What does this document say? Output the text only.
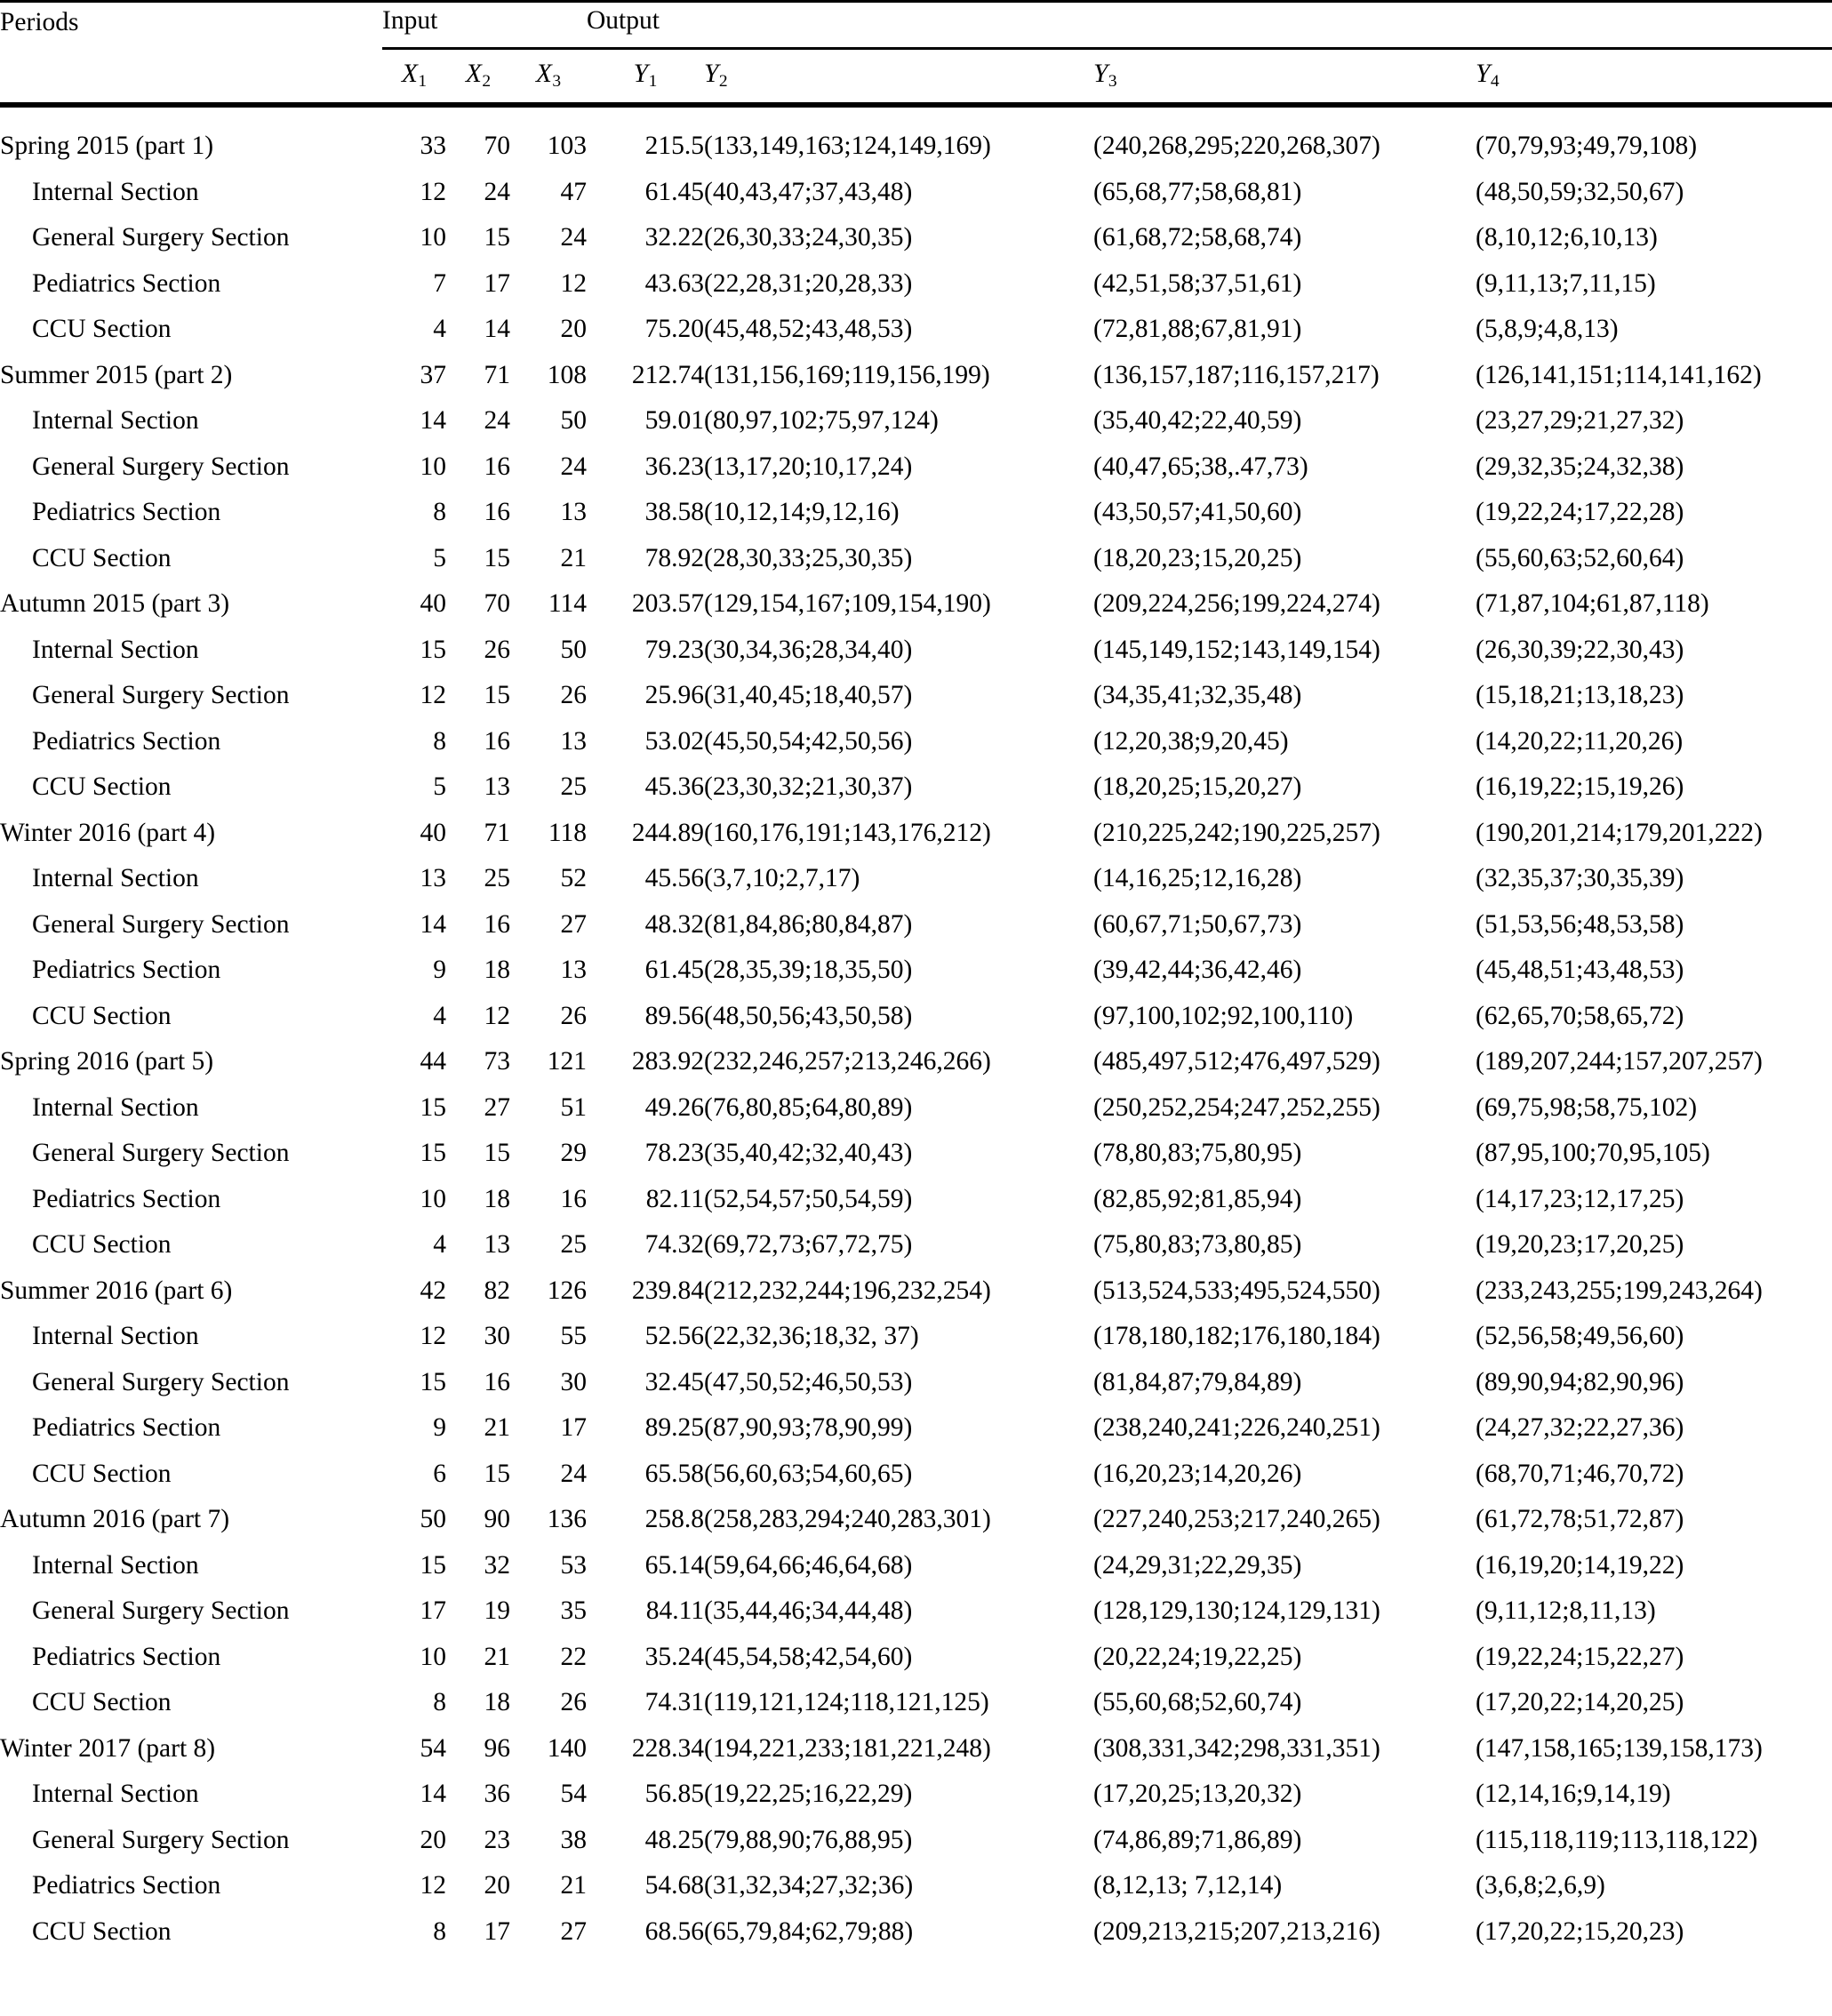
Periods	Input			Output			
	$X_1$	$X_2$	$X_3$	$Y_1$	$Y_2$	$Y_3$	$Y_4$

Spring 2015 (part 1)	33	70	103	215.5	(133,149,163;124,149,169)	(240,268,295;220,268,307)	(70,79,93;49,79,108)
Internal Section	12	24	47	61.45	(40,43,47;37,43,48)	(65,68,77;58,68,81)	(48,50,59;32,50,67)
General Surgery Section	10	15	24	32.22	(26,30,33;24,30,35)	(61,68,72;58,68,74)	(8,10,12;6,10,13)
Pediatrics Section	7	17	12	43.63	(22,28,31;20,28,33)	(42,51,58;37,51,61)	(9,11,13;7,11,15)
CCU Section	4	14	20	75.20	(45,48,52;43,48,53)	(72,81,88;67,81,91)	(5,8,9;4,8,13)
Summer 2015 (part 2)	37	71	108	212.74	(131,156,169;119,156,199)	(136,157,187;116,157,217)	(126,141,151;114,141,162)
Internal Section	14	24	50	59.01	(80,97,102;75,97,124)	(35,40,42;22,40,59)	(23,27,29;21,27,32)
General Surgery Section	10	16	24	36.23	(13,17,20;10,17,24)	(40,47,65;38,.47,73)	(29,32,35;24,32,38)
Pediatrics Section	8	16	13	38.58	(10,12,14;9,12,16)	(43,50,57;41,50,60)	(19,22,24;17,22,28)
CCU Section	5	15	21	78.92	(28,30,33;25,30,35)	(18,20,23;15,20,25)	(55,60,63;52,60,64)
Autumn 2015 (part 3)	40	70	114	203.57	(129,154,167;109,154,190)	(209,224,256;199,224,274)	(71,87,104;61,87,118)
Internal Section	15	26	50	79.23	(30,34,36;28,34,40)	(145,149,152;143,149,154)	(26,30,39;22,30,43)
General Surgery Section	12	15	26	25.96	(31,40,45;18,40,57)	(34,35,41;32,35,48)	(15,18,21;13,18,23)
Pediatrics Section	8	16	13	53.02	(45,50,54;42,50,56)	(12,20,38;9,20,45)	(14,20,22;11,20,26)
CCU Section	5	13	25	45.36	(23,30,32;21,30,37)	(18,20,25;15,20,27)	(16,19,22;15,19,26)
Winter 2016 (part 4)	40	71	118	244.89	(160,176,191;143,176,212)	(210,225,242;190,225,257)	(190,201,214;179,201,222)
Internal Section	13	25	52	45.56	(3,7,10;2,7,17)	(14,16,25;12,16,28)	(32,35,37;30,35,39)
General Surgery Section	14	16	27	48.32	(81,84,86;80,84,87)	(60,67,71;50,67,73)	(51,53,56;48,53,58)
Pediatrics Section	9	18	13	61.45	(28,35,39;18,35,50)	(39,42,44;36,42,46)	(45,48,51;43,48,53)
CCU Section	4	12	26	89.56	(48,50,56;43,50,58)	(97,100,102;92,100,110)	(62,65,70;58,65,72)
Spring 2016 (part 5)	44	73	121	283.92	(232,246,257;213,246,266)	(485,497,512;476,497,529)	(189,207,244;157,207,257)
Internal Section	15	27	51	49.26	(76,80,85;64,80,89)	(250,252,254;247,252,255)	(69,75,98;58,75,102)
General Surgery Section	15	15	29	78.23	(35,40,42;32,40,43)	(78,80,83;75,80,95)	(87,95,100;70,95,105)
Pediatrics Section	10	18	16	82.11	(52,54,57;50,54,59)	(82,85,92;81,85,94)	(14,17,23;12,17,25)
CCU Section	4	13	25	74.32	(69,72,73;67,72,75)	(75,80,83;73,80,85)	(19,20,23;17,20,25)
Summer 2016 (part 6)	42	82	126	239.84	(212,232,244;196,232,254)	(513,524,533;495,524,550)	(233,243,255;199,243,264)
Internal Section	12	30	55	52.56	(22,32,36;18,32, 37)	(178,180,182;176,180,184)	(52,56,58;49,56,60)
General Surgery Section	15	16	30	32.45	(47,50,52;46,50,53)	(81,84,87;79,84,89)	(89,90,94;82,90,96)
Pediatrics Section	9	21	17	89.25	(87,90,93;78,90,99)	(238,240,241;226,240,251)	(24,27,32;22,27,36)
CCU Section	6	15	24	65.58	(56,60,63;54,60,65)	(16,20,23;14,20,26)	(68,70,71;46,70,72)
Autumn 2016 (part 7)	50	90	136	258.8	(258,283,294;240,283,301)	(227,240,253;217,240,265)	(61,72,78;51,72,87)
Internal Section	15	32	53	65.14	(59,64,66;46,64,68)	(24,29,31;22,29,35)	(16,19,20;14,19,22)
General Surgery Section	17	19	35	84.11	(35,44,46;34,44,48)	(128,129,130;124,129,131)	(9,11,12;8,11,13)
Pediatrics Section	10	21	22	35.24	(45,54,58;42,54,60)	(20,22,24;19,22,25)	(19,22,24;15,22,27)
CCU Section	8	18	26	74.31	(119,121,124;118,121,125)	(55,60,68;52,60,74)	(17,20,22;14,20,25)
Winter 2017 (part 8)	54	96	140	228.34	(194,221,233;181,221,248)	(308,331,342;298,331,351)	(147,158,165;139,158,173)
Internal Section	14	36	54	56.85	(19,22,25;16,22,29)	(17,20,25;13,20,32)	(12,14,16;9,14,19)
General Surgery Section	20	23	38	48.25	(79,88,90;76,88,95)	(74,86,89;71,86,89)	(115,118,119;113,118,122)
Pediatrics Section	12	20	21	54.68	(31,32,34;27,32;36)	(8,12,13; 7,12,14)	(3,6,8;2,6,9)
CCU Section	8	17	27	68.56	(65,79,84;62,79;88)	(209,213,215;207,213,216)	(17,20,22;15,20,23)
